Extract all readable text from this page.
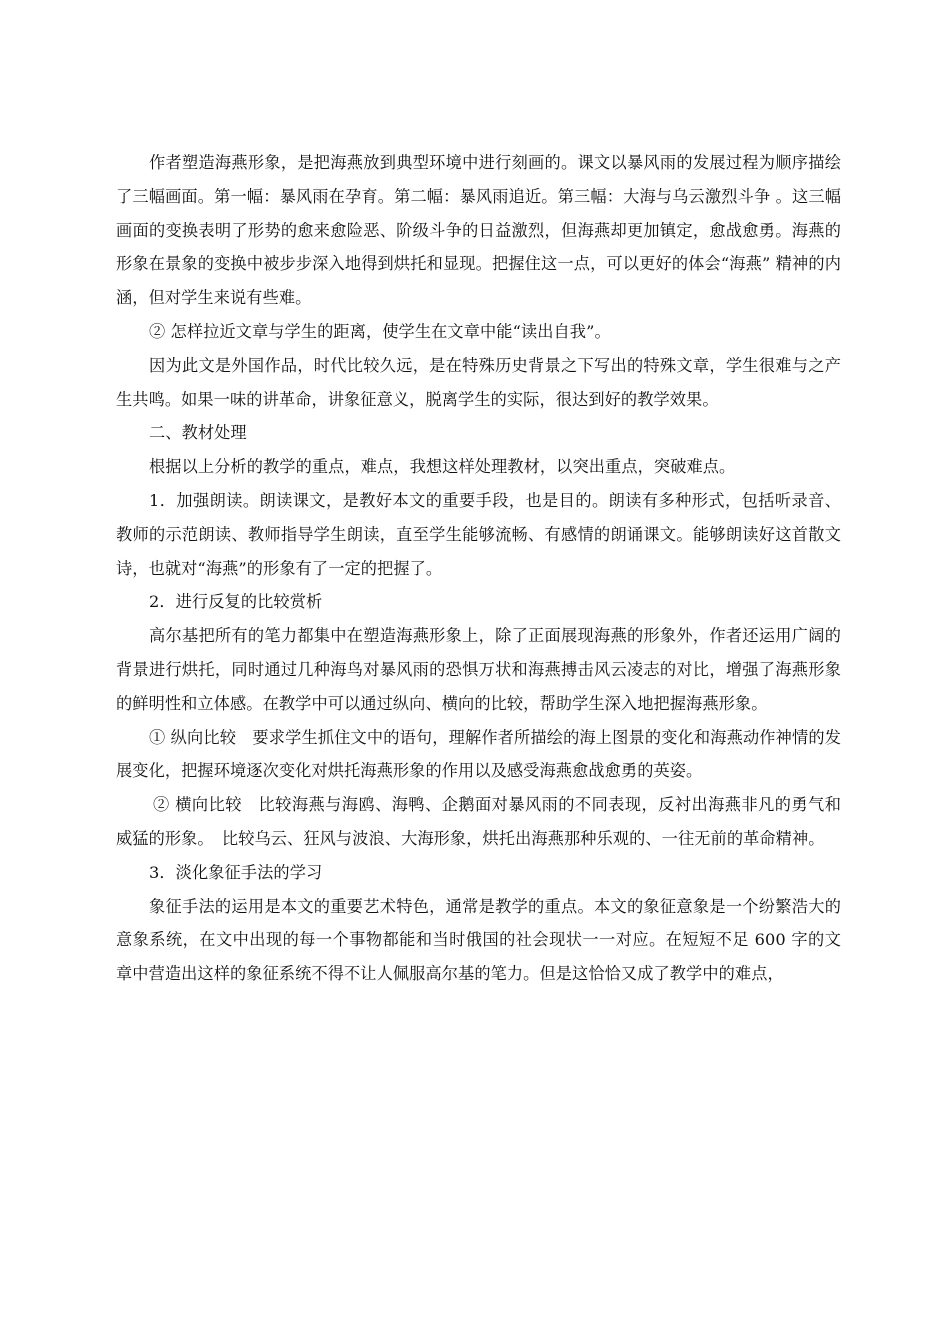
作者塑造海燕形象，是把海燕放到典型环境中进行刻画的。课文以暴风雨的发展过程为顺序描绘了三幅画面。第一幅：暴风雨在孕育。第二幅：暴风雨追近。第三幅：大海与乌云激烈斗争 。这三幅画面的变换表明了形势的愈来愈险恶、阶级斗争的日益激烈，但海燕却更加镇定，愈战愈勇。海燕的形象在景象的变换中被步步深入地得到烘托和显现。把握住这一点，可以更好的体会“海燕” 精神的内涵，但对学生来说有些难。

② 怎样拉近文章与学生的距离，使学生在文章中能“读出自我”。

因为此文是外国作品，时代比较久远，是在特殊历史背景之下写出的特殊文章，学生很难与之产生共鸣。如果一味的讲革命，讲象征意义，脱离学生的实际，很达到好的教学效果。

二、教材处理

根据以上分析的教学的重点，难点，我想这样处理教材，以突出重点，突破难点。

1．加强朗读。朗读课文，是教好本文的重要手段，也是目的。朗读有多种形式，包括听录音、教师的示范朗读、教师指导学生朗读，直至学生能够流畅、有感情的朗诵课文。能够朗读好这首散文诗，也就对“海燕”的形象有了一定的把握了。

2．进行反复的比较赏析

高尔基把所有的笔力都集中在塑造海燕形象上，除了正面展现海燕的形象外，作者还运用广阔的背景进行烘托，同时通过几种海鸟对暴风雨的恐惧万状和海燕搏击风云凌志的对比，增强了海燕形象的鲜明性和立体感。在教学中可以通过纵向、横向的比较，帮助学生深入地把握海燕形象。

① 纵向比较　要求学生抓住文中的语句，理解作者所描绘的海上图景的变化和海燕动作神情的发展变化，把握环境逐次变化对烘托海燕形象的作用以及感受海燕愈战愈勇的英姿。

② 横向比较　比较海燕与海鸥、海鸭、企鹅面对暴风雨的不同表现，反衬出海燕非凡的勇气和威猛的形象。　比较乌云、狂风与波浪、大海形象，烘托出海燕那种乐观的、一往无前的革命精神。

3．淡化象征手法的学习

象征手法的运用是本文的重要艺术特色，通常是教学的重点。本文的象征意象是一个纷繁浩大的意象系统，在文中出现的每一个事物都能和当时俄国的社会现状一一对应。在短短不足 600 字的文章中营造出这样的象征系统不得不让人佩服高尔基的笔力。但是这恰恰又成了教学中的难点，
